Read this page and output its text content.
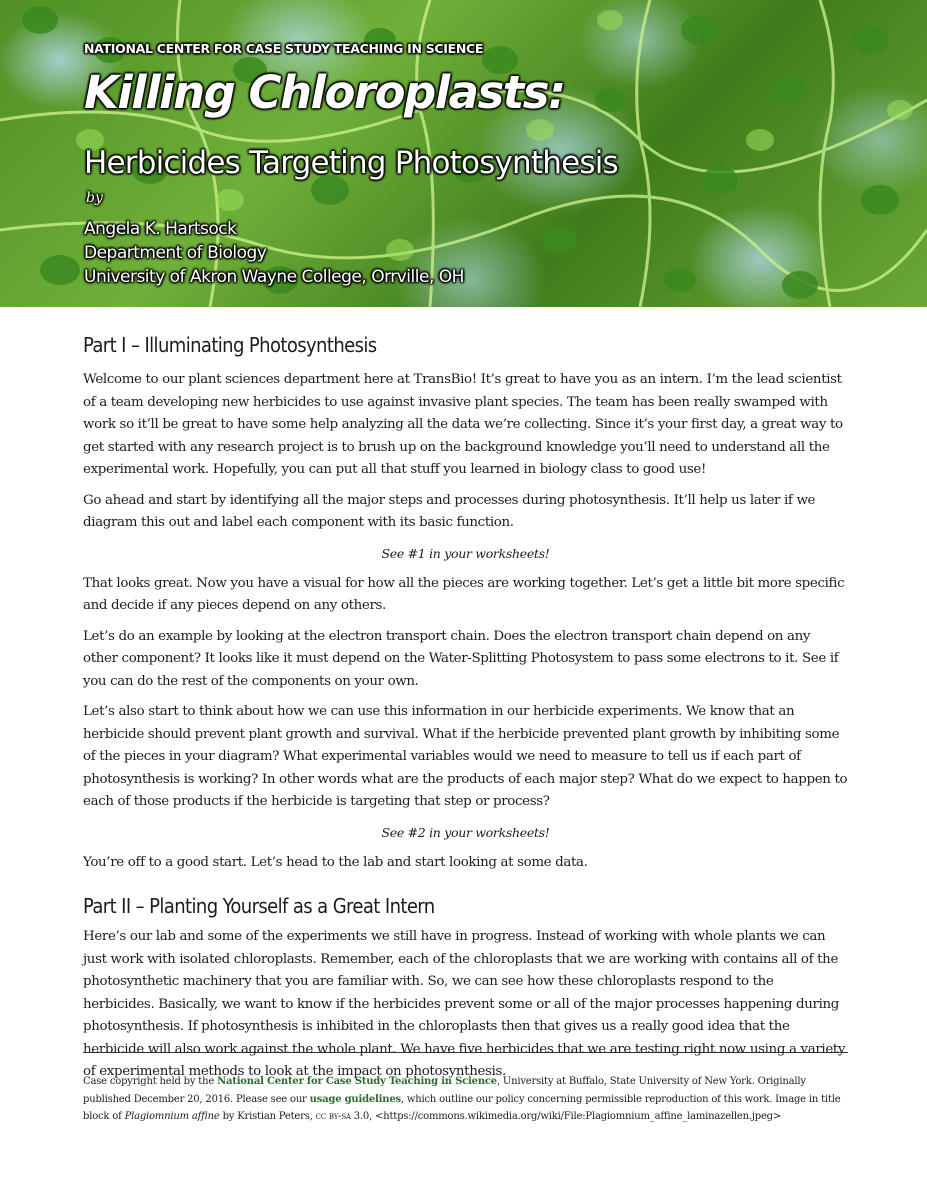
NATIONAL CENTER FOR CASE STUDY TEACHING IN SCIENCE
Killing Chloroplasts:
Herbicides Targeting Photosynthesis
by
Angela K. Hartsock
Department of Biology
University of Akron Wayne College, Orrville, OH
Part I – Illuminating Photosynthesis

Welcome to our plant sciences department here at TransBio! It’s great to have you as an intern. I’m the lead scientist of a team developing new herbicides to use against invasive plant species. The team has been really swamped with work so it’ll be great to have some help analyzing all the data we’re collecting. Since it’s your first day, a great way to get started with any research project is to brush up on the background knowledge you’ll need to understand all the experimental work. Hopefully, you can put all that stuff you learned in biology class to good use!

Go ahead and start by identifying all the major steps and processes during photosynthesis. It’ll help us later if we diagram this out and label each component with its basic function.

See #1 in your worksheets!

That looks great. Now you have a visual for how all the pieces are working together. Let’s get a little bit more specific and decide if any pieces depend on any others.

Let’s do an example by looking at the electron transport chain. Does the electron transport chain depend on any other component? It looks like it must depend on the Water-Splitting Photosystem to pass some electrons to it. See if you can do the rest of the components on your own.

Let’s also start to think about how we can use this information in our herbicide experiments. We know that an herbicide should prevent plant growth and survival. What if the herbicide prevented plant growth by inhibiting some of the pieces in your diagram? What experimental variables would we need to measure to tell us if each part of photosynthesis is working? In other words what are the products of each major step? What do we expect to happen to each of those products if the herbicide is targeting that step or process?

See #2 in your worksheets!

You’re off to a good start. Let’s head to the lab and start looking at some data.

Part II – Planting Yourself as a Great Intern

Here’s our lab and some of the experiments we still have in progress. Instead of working with whole plants we can just work with isolated chloroplasts. Remember, each of the chloroplasts that we are working with contains all of the photosynthetic machinery that you are familiar with. So, we can see how these chloroplasts respond to the herbicides. Basically, we want to know if the herbicides prevent some or all of the major processes happening during photosynthesis. If photosynthesis is inhibited in the chloroplasts then that gives us a really good idea that the herbicide will also work against the whole plant. We have five herbicides that we are testing right now using a variety of experimental methods to look at the impact on photosynthesis.

Case copyright held by the National Center for Case Study Teaching in Science, University at Buffalo, State University of New York. Originally published December 20, 2016. Please see our usage guidelines, which outline our policy concerning permissible reproduction of this work. Image in title block of Plagiomnium affine by Kristian Peters, cc by-sa 3.0, <https://commons.wikimedia.org/wiki/File:Plagiomnium_affine_laminazellen.jpeg>
